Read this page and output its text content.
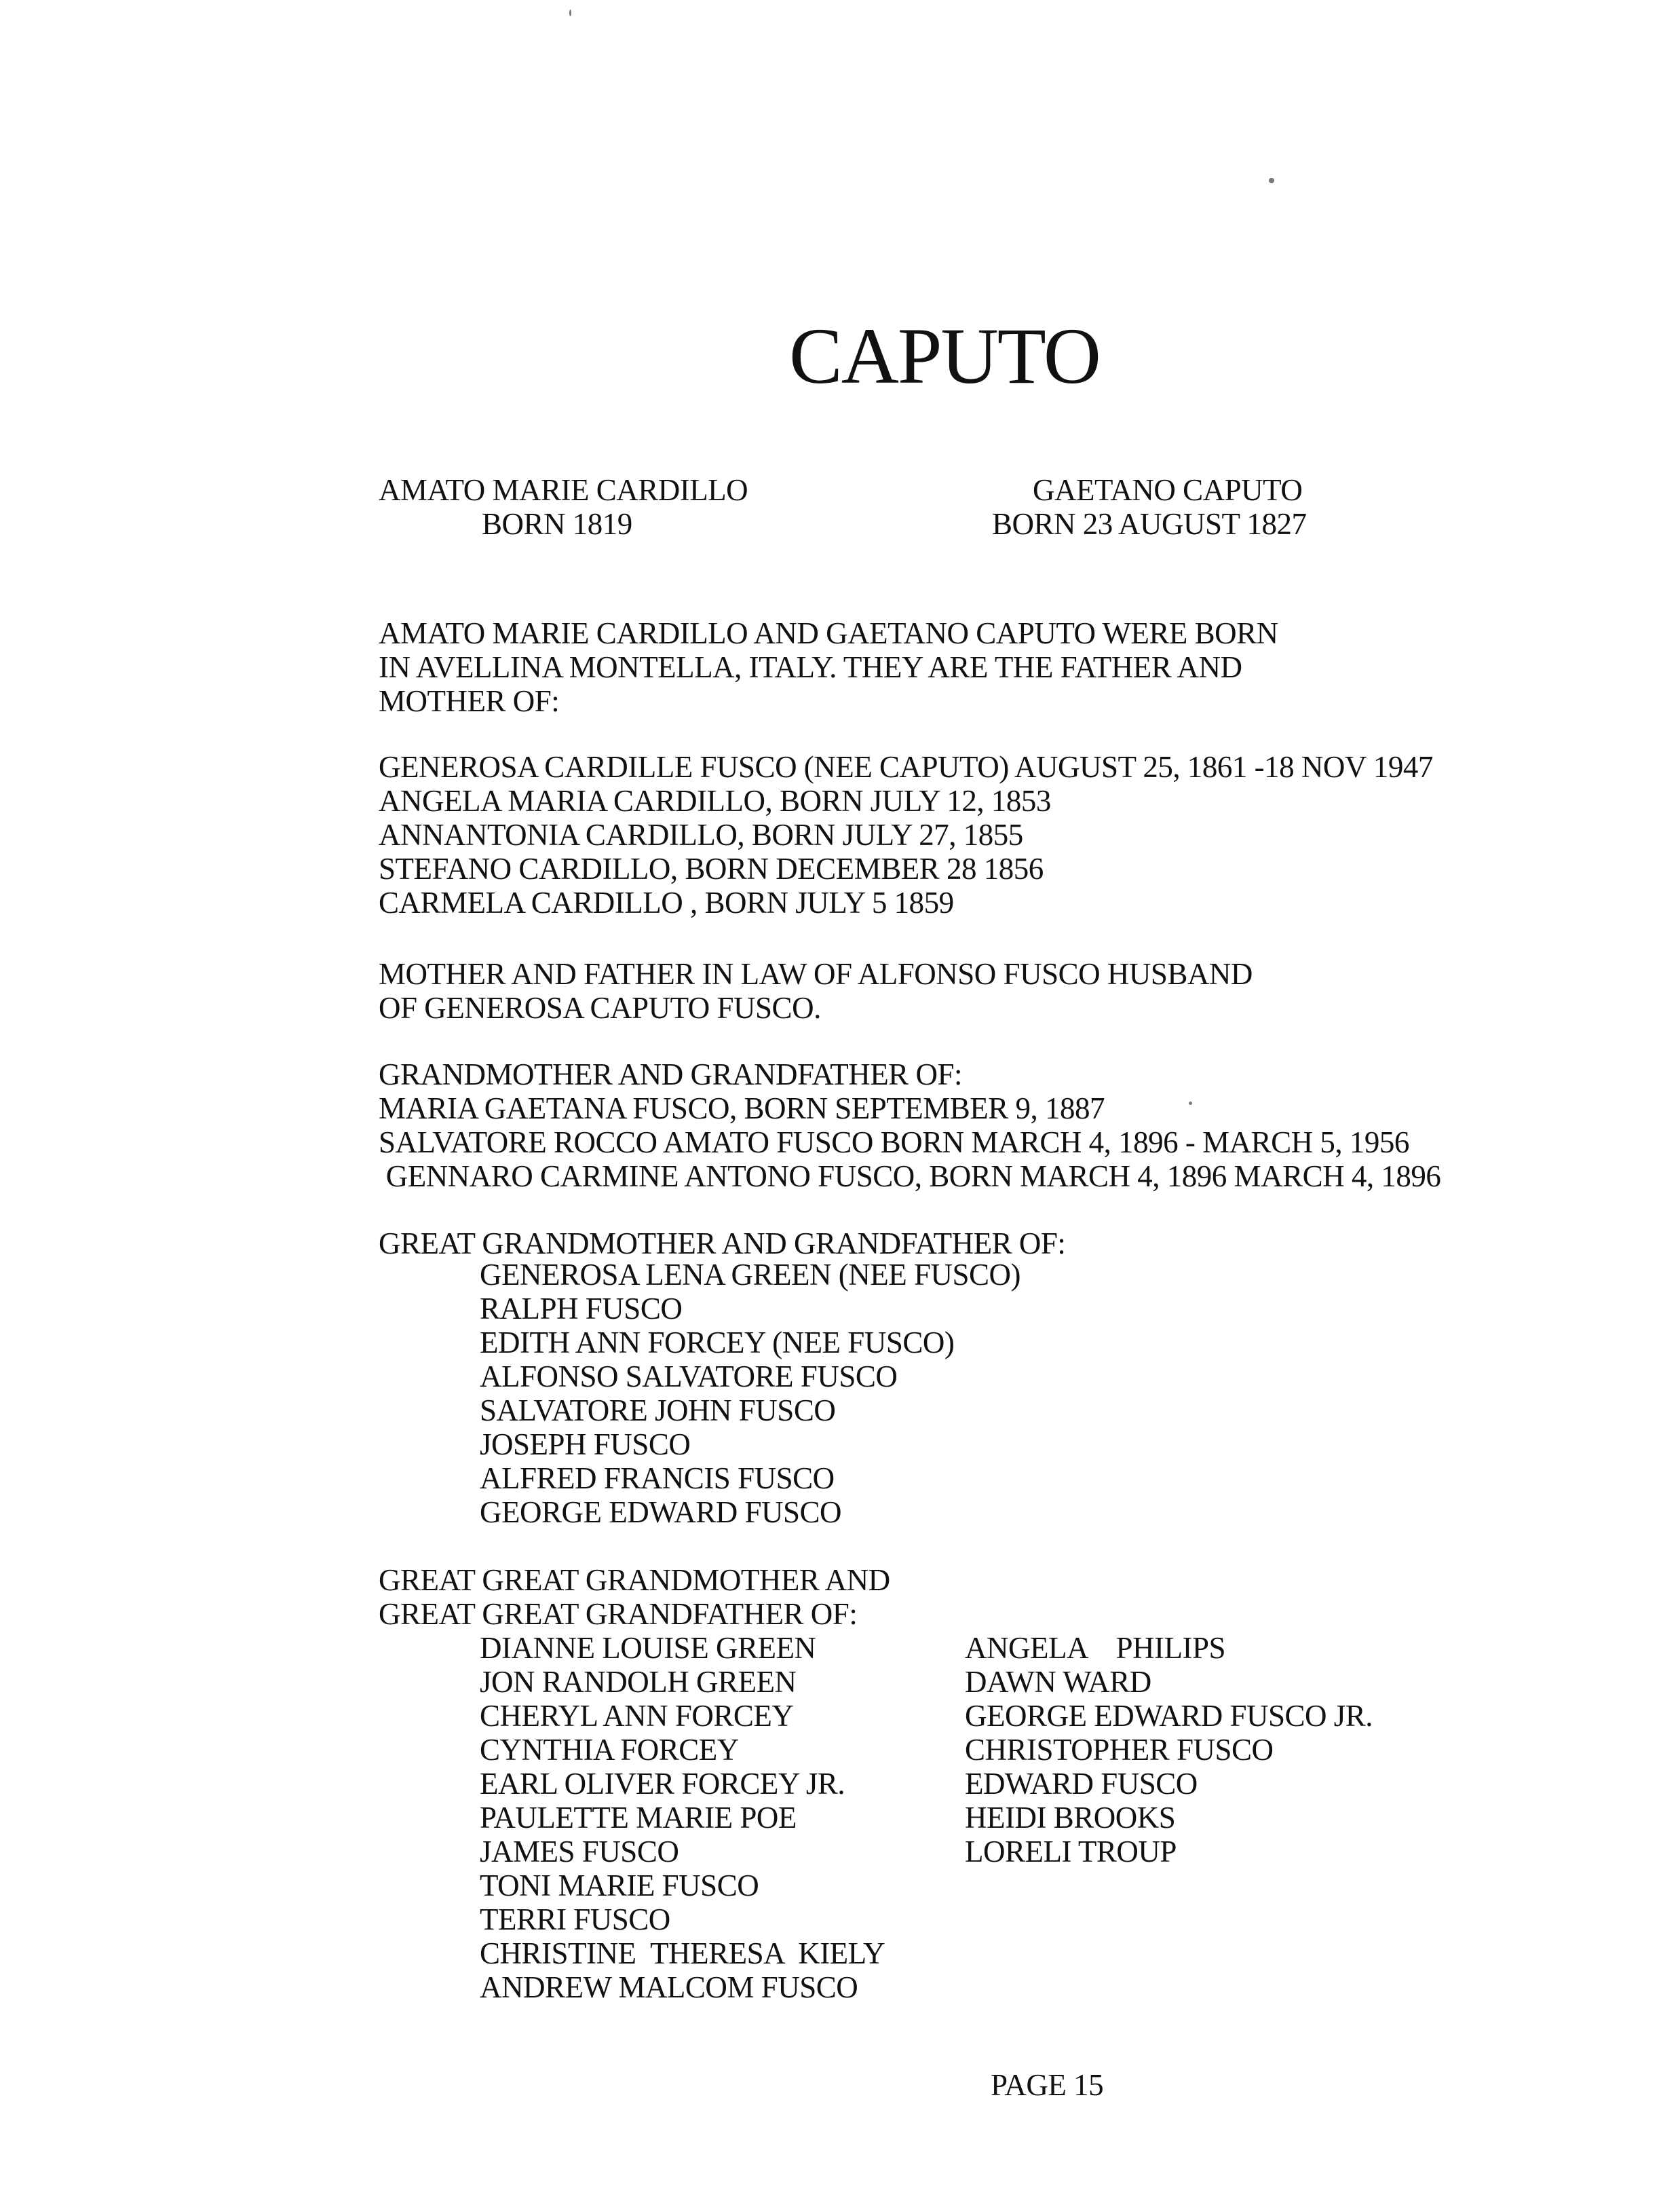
CAPUTO
AMATO MARIE CARDILLO
BORN 1819
GAETANO CAPUTO
BORN 23 AUGUST 1827
AMATO MARIE CARDILLO AND GAETANO CAPUTO WERE BORN
IN AVELLINA MONTELLA, ITALY. THEY ARE THE FATHER AND
MOTHER OF:
GENEROSA CARDILLE FUSCO (NEE CAPUTO) AUGUST 25, 1861 -18 NOV 1947
ANGELA MARIA CARDILLO, BORN JULY 12, 1853
ANNANTONIA CARDILLO, BORN JULY 27, 1855
STEFANO CARDILLO, BORN DECEMBER 28 1856
CARMELA CARDILLO , BORN JULY 5 1859
MOTHER AND FATHER IN LAW OF ALFONSO FUSCO HUSBAND
OF GENEROSA CAPUTO FUSCO.
GRANDMOTHER AND GRANDFATHER OF:
MARIA GAETANA FUSCO, BORN SEPTEMBER 9, 1887
SALVATORE ROCCO AMATO FUSCO BORN MARCH 4, 1896 - MARCH 5, 1956
GENNARO CARMINE ANTONO FUSCO, BORN MARCH 4, 1896 MARCH 4, 1896
GREAT GRANDMOTHER AND GRANDFATHER OF:
GENEROSA LENA GREEN (NEE FUSCO)
RALPH FUSCO
EDITH ANN FORCEY (NEE FUSCO)
ALFONSO SALVATORE FUSCO
SALVATORE JOHN FUSCO
JOSEPH FUSCO
ALFRED FRANCIS FUSCO
GEORGE EDWARD FUSCO
GREAT GREAT GRANDMOTHER AND
GREAT GREAT GRANDFATHER OF:
DIANNE LOUISE GREEN
JON RANDOLH GREEN
CHERYL ANN FORCEY
CYNTHIA FORCEY
EARL OLIVER FORCEY JR.
PAULETTE MARIE POE
JAMES FUSCO
TONI MARIE FUSCO
TERRI FUSCO
CHRISTINE  THERESA  KIELY
ANDREW MALCOM FUSCO
ANGELA    PHILIPS
DAWN WARD
GEORGE EDWARD FUSCO JR.
CHRISTOPHER FUSCO
EDWARD FUSCO
HEIDI BROOKS
LORELI TROUP
PAGE 15
